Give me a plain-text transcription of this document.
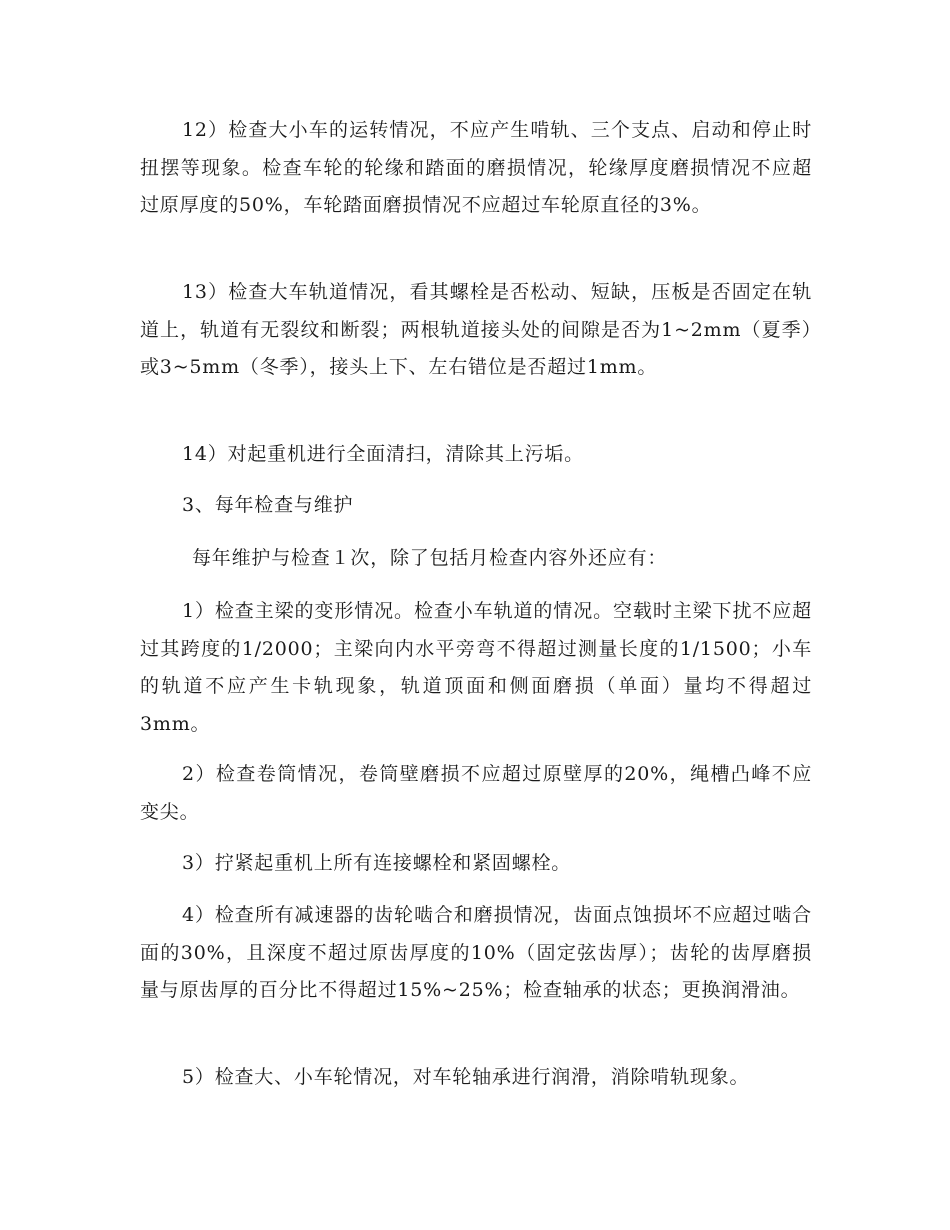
12）检查大小车的运转情况，不应产生啃轨、三个支点、启动和停止时扭摆等现象。检查车轮的轮缘和踏面的磨损情况，轮缘厚度磨损情况不应超过原厚度的50%，车轮踏面磨损情况不应超过车轮原直径的3%。

13）检查大车轨道情况，看其螺栓是否松动、短缺，压板是否固定在轨道上，轨道有无裂纹和断裂；两根轨道接头处的间隙是否为1~2mm（夏季）或3~5mm（冬季），接头上下、左右错位是否超过1mm。

14）对起重机进行全面清扫，清除其上污垢。

3、每年检查与维护

每年维护与检查１次，除了包括月检查内容外还应有：

1）检查主梁的变形情况。检查小车轨道的情况。空载时主梁下扰不应超过其跨度的1/2000；主梁向内水平旁弯不得超过测量长度的1/1500；小车的轨道不应产生卡轨现象，轨道顶面和侧面磨损（单面）量均不得超过3mm。

2）检查卷筒情况，卷筒壁磨损不应超过原壁厚的20%，绳槽凸峰不应变尖。

3）拧紧起重机上所有连接螺栓和紧固螺栓。

4）检查所有减速器的齿轮啮合和磨损情况，齿面点蚀损坏不应超过啮合面的30%，且深度不超过原齿厚度的10%（固定弦齿厚）；齿轮的齿厚磨损量与原齿厚的百分比不得超过15%~25%；检查轴承的状态；更换润滑油。

5）检查大、小车轮情况，对车轮轴承进行润滑，消除啃轨现象。
